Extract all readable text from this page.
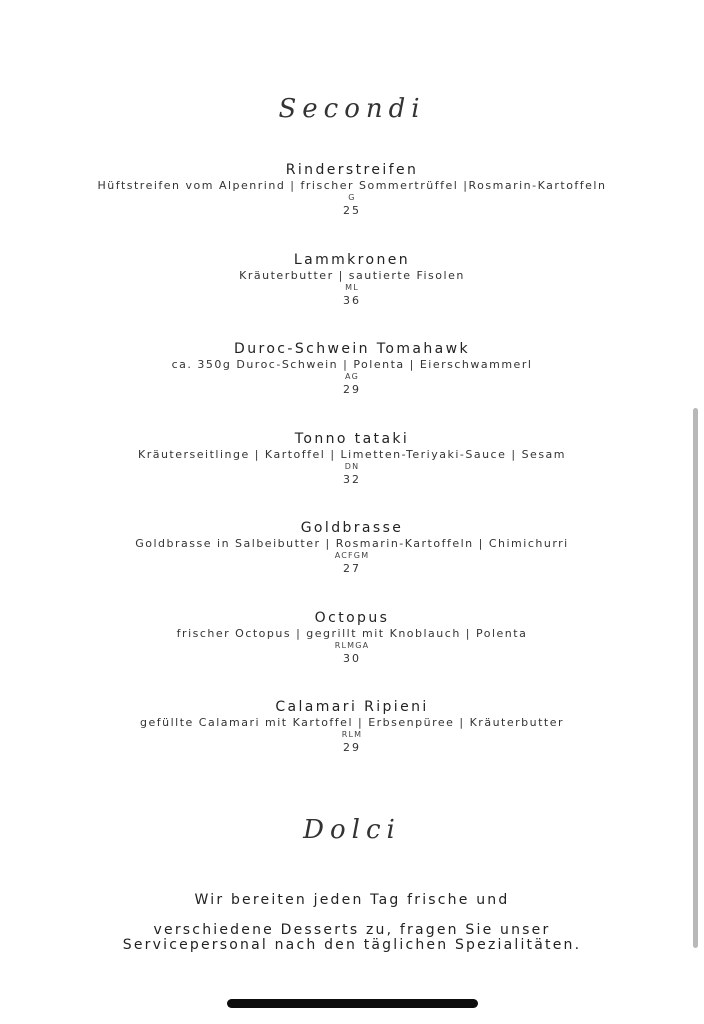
Secondi
Rinderstreifen
Hüftstreifen vom Alpenrind | frischer Sommertrüffel |Rosmarin-Kartoffeln
G
25
Lammkronen
Kräuterbutter | sautierte Fisolen
ML
36
Duroc-Schwein Tomahawk
ca. 350g Duroc-Schwein | Polenta | Eierschwammerl
AG
29
Tonno tataki
Kräuterseitlinge | Kartoffel | Limetten-Teriyaki-Sauce | Sesam
DN
32
Goldbrasse
Goldbrasse in Salbeibutter | Rosmarin-Kartoffeln | Chimichurri
ACFGM
27
Octopus
frischer Octopus | gegrillt mit Knoblauch | Polenta
RLMGA
30
Calamari Ripieni
gefüllte Calamari mit Kartoffel | Erbsenpüree | Kräuterbutter
RLM
29
Dolci
Wir bereiten jeden Tag frische und
verschiedene Desserts zu, fragen Sie unser
Servicepersonal nach den täglichen Spezialitäten.
